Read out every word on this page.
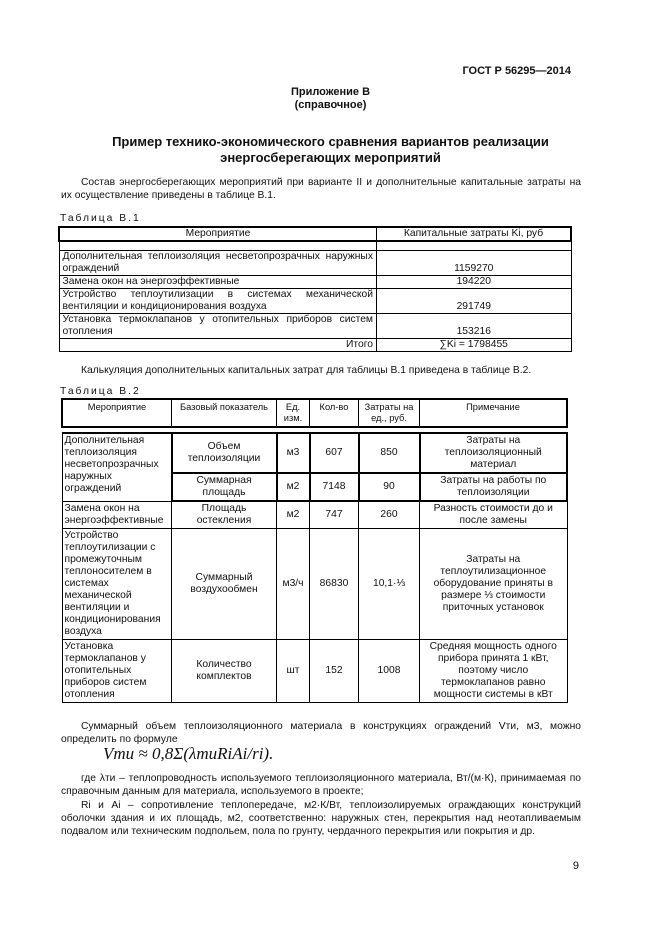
ГОСТ Р 56295—2014
Приложение В
(справочное)
Пример технико-экономического сравнения вариантов реализации
энергосберегающих мероприятий
Состав энергосберегающих мероприятий при варианте II и дополнительные капитальные затраты на их осуществление приведены в таблице В.1.
Таблица В.1
Мероприятие	Капитальные затраты Ki, руб

Дополнительная теплоизоляция несветопрозрачных наружных ограждений	1159270
Замена окон на энергоэффективные	194220
Устройство теплоутилизации в системах механической вентиляции и кондиционирования воздуха	291749
Установка термоклапанов у отопительных приборов систем отопления	153216
Итого	∑Ki = 1798455
Калькуляция дополнительных капитальных затрат для таблицы В.1 приведена в таблице В.2.
Таблица В.2
Мероприятие	Базовый показатель	Ед. изм.	Кол-во	Затраты на ед., руб.	Примечание

Дополнительная теплоизоляция несветопрозрачных наружных ограждений	Объем теплоизоляции	м3	607	850	Затраты на теплоизоляционный материал
	Суммарная площадь	м2	7148	90	Затраты на работы по теплоизоляции
Замена окон на энергоэффективные	Площадь остекления	м2	747	260	Разность стоимости до и после замены
Устройство теплоутилизации с промежуточным теплоносителем в системах механической вентиляции и кондиционирования воздуха	Суммарный воздухообмен	м3/ч	86830	10,1·⅓	Затраты на теплоутилизационное оборудование приняты в размере ⅓ стоимости приточных установок
Установка термоклапанов у отопительных приборов систем отопления	Количество комплектов	шт	152	1008	Средняя мощность одного прибора принята 1 кВт, поэтому число термоклапанов равно мощности системы в кВт
Суммарный объем теплоизоляционного материала в конструкциях ограждений Vти, м3, можно определить по формуле
Vти ≈ 0,8Σ(λтиRiAi/ri).
где λти – теплопроводность используемого теплоизоляционного материала, Вт/(м·К), принимаемая по справочным данным для материала, используемого в проекте;
Ri и Ai – сопротивление теплопередаче, м2·К/Вт, теплоизолируемых ограждающих конструкций оболочки здания и их площадь, м2, соответственно: наружных стен, перекрытия над неотапливаемым подвалом или техническим подпольем, пола по грунту, чердачного перекрытия или покрытия и др.
9
